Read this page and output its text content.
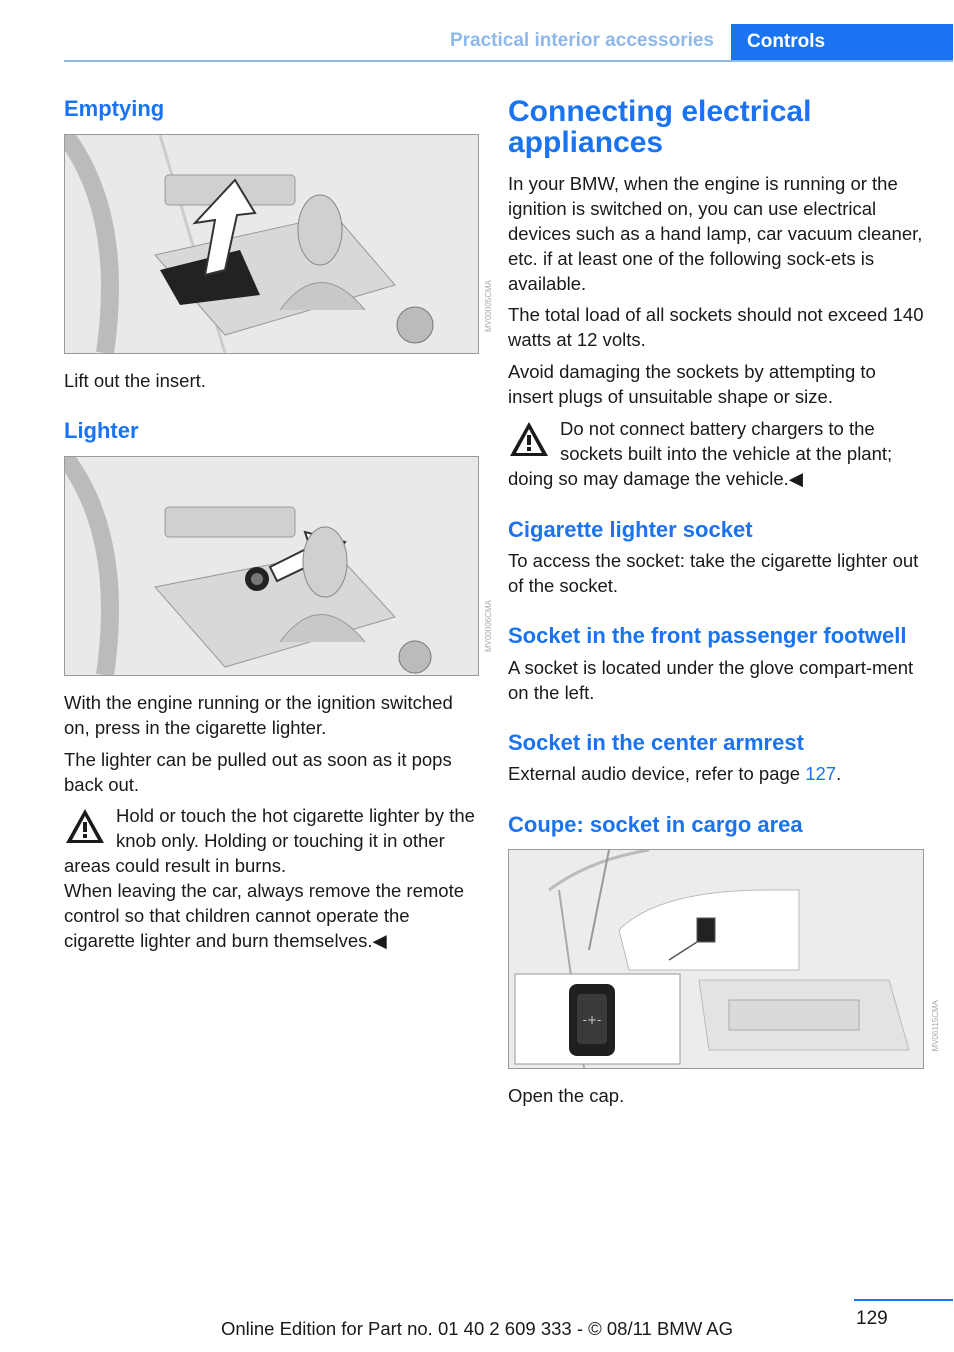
Practical interior accessories	Controls
Emptying
MV00005CMA

Lift out the insert.

Lighter
MV00006CMA

With the engine running or the ignition switched on, press in the cigarette lighter.

The lighter can be pulled out as soon as it pops back out.

Hold or touch the hot cigarette lighter by the knob only. Holding or touching it in other areas could result in burns.
When leaving the car, always remove the remote control so that children cannot operate the cigarette lighter and burn themselves.◀
Connecting electrical appliances

In your BMW, when the engine is running or the ignition is switched on, you can use electrical devices such as a hand lamp, car vacuum cleaner, etc. if at least one of the following sock-ets is available.

The total load of all sockets should not exceed 140 watts at 12 volts.

Avoid damaging the sockets by attempting to insert plugs of unsuitable shape or size.

Do not connect battery chargers to the sockets built into the vehicle at the plant; doing so may damage the vehicle.◀
Cigarette lighter socket

To access the socket: take the cigarette lighter out of the socket.

Socket in the front passenger footwell

A socket is located under the glove compart-ment on the left.

Socket in the center armrest

External audio device, refer to page 127.

Coupe: socket in cargo area
-+-	MV06115CMA

Open the cap.

129
Online Edition for Part no. 01 40 2 609 333 - © 08/11 BMW AG
